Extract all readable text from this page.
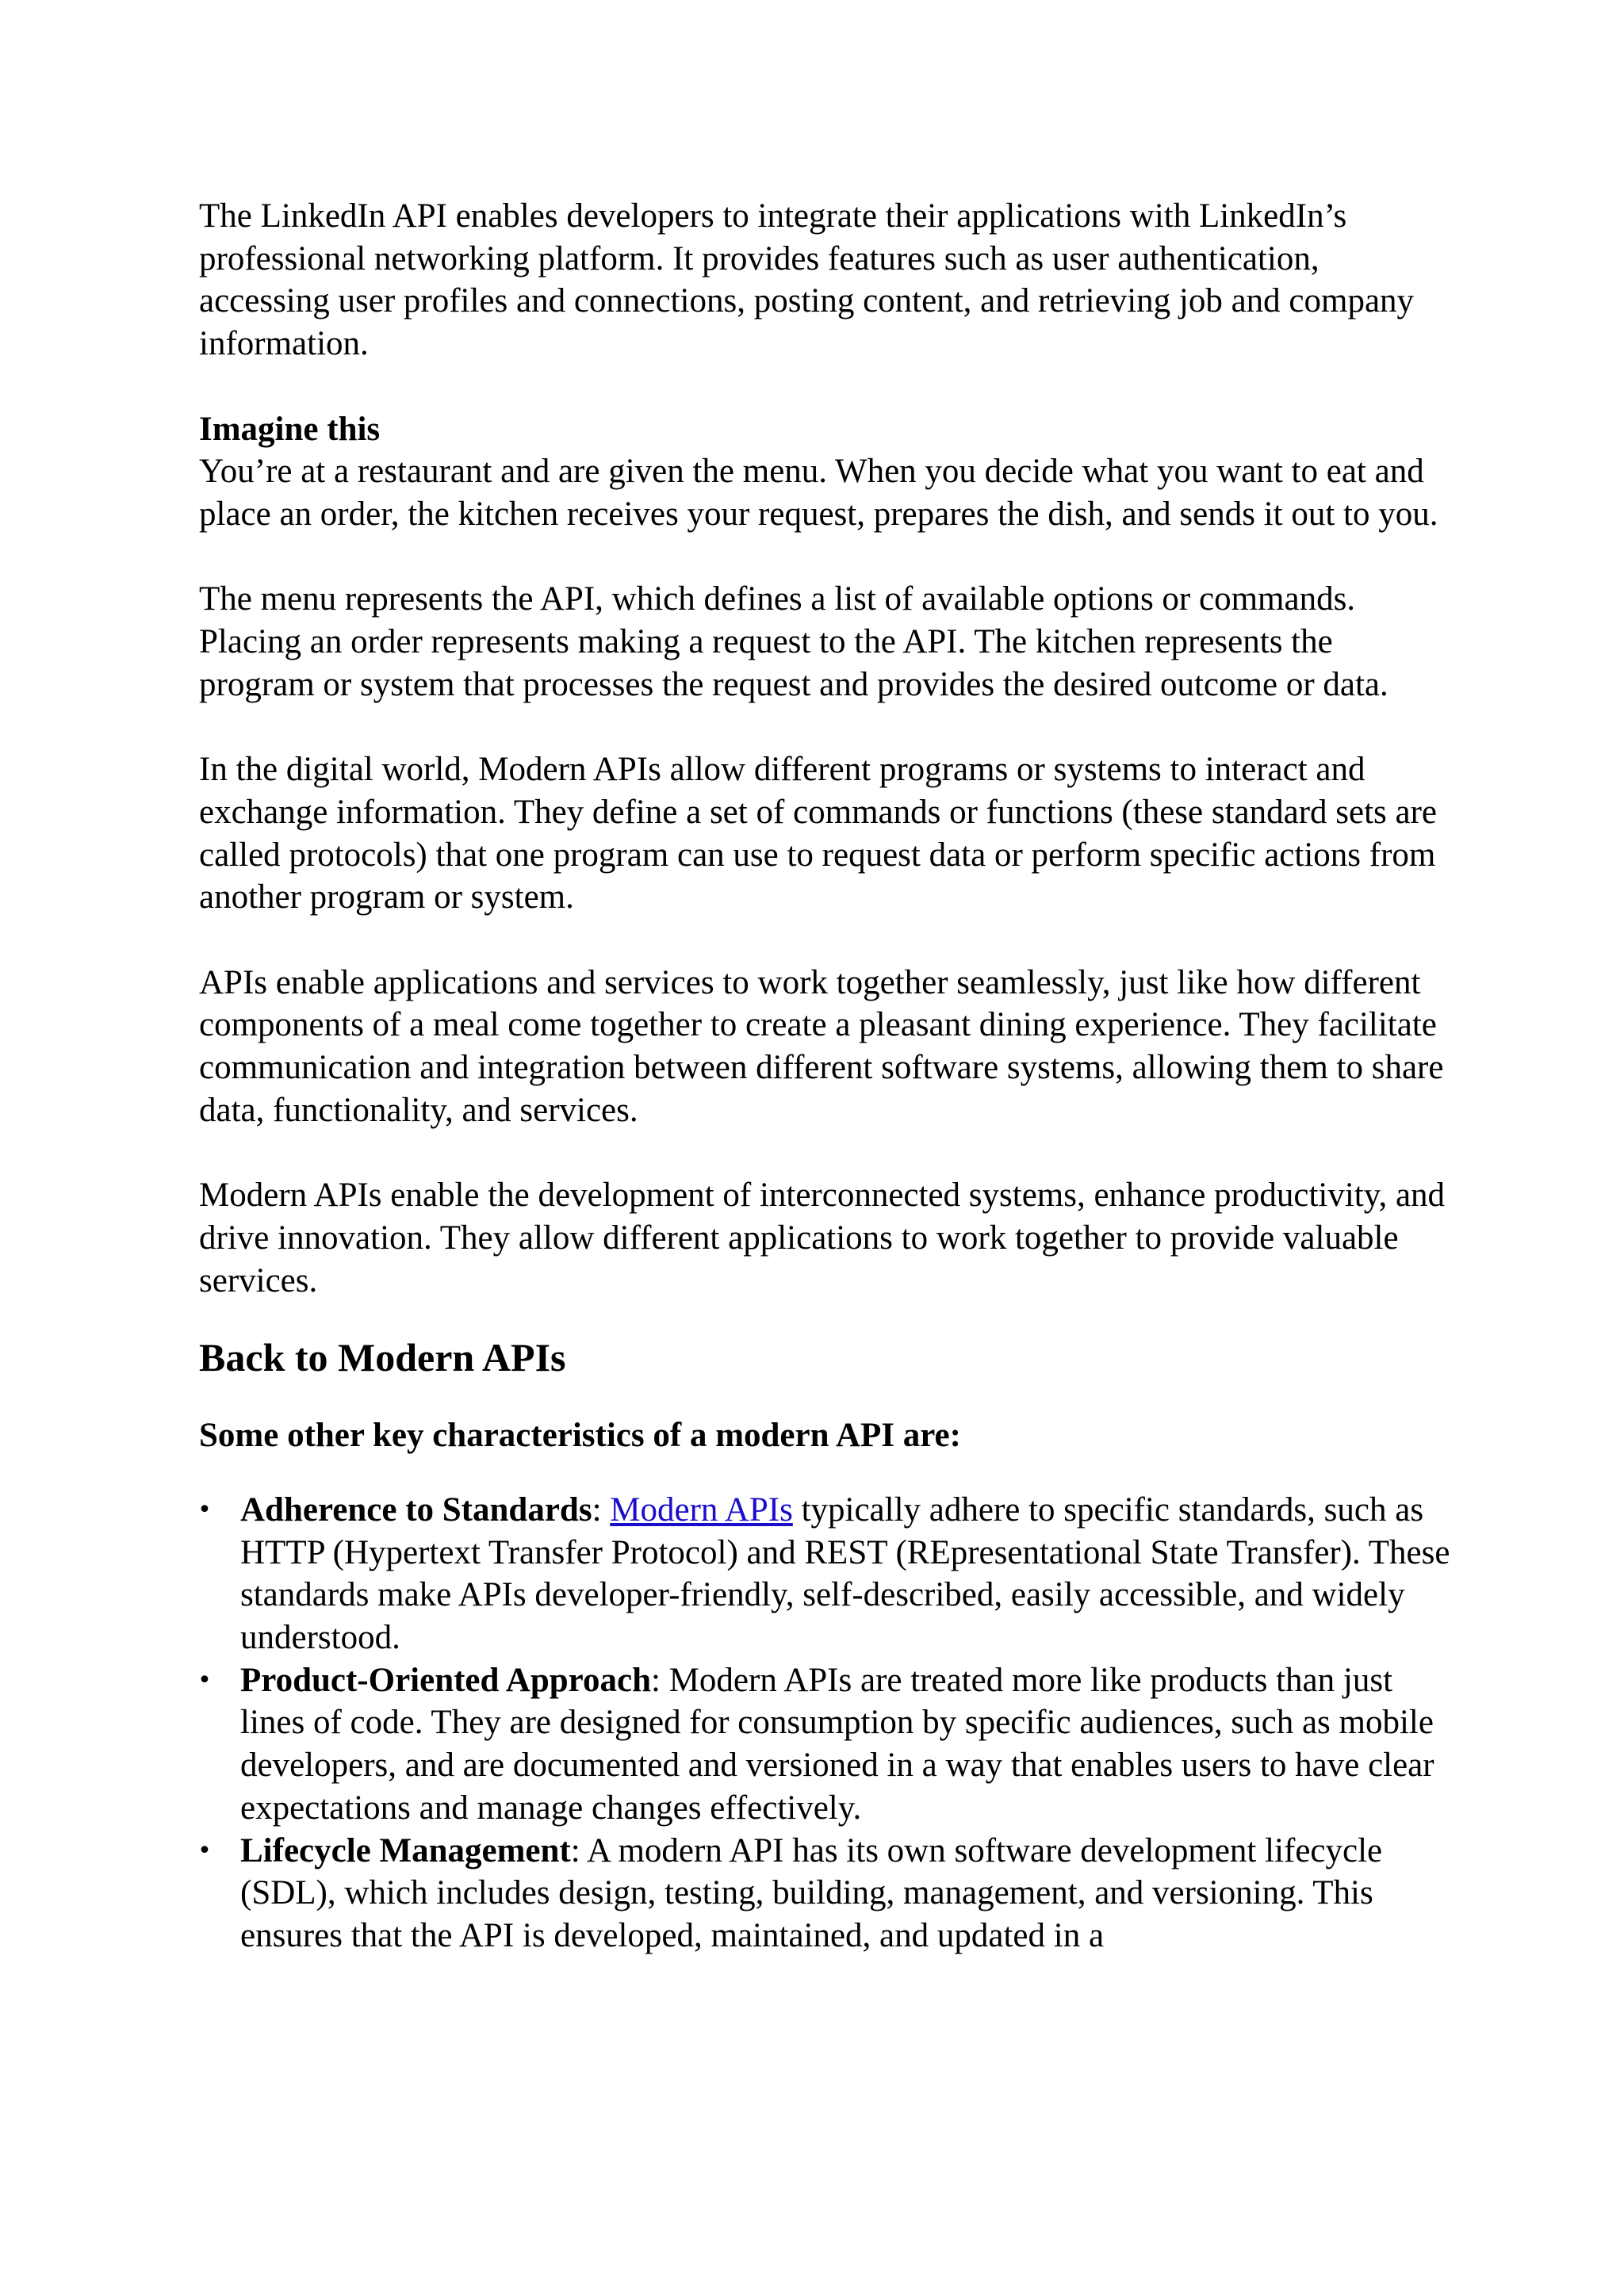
The LinkedIn API enables developers to integrate their applications with LinkedIn’s professional networking platform. It provides features such as user authentication, accessing user profiles and connections, posting content, and retrieving job and company information.

Imagine this
You’re at a restaurant and are given the menu. When you decide what you want to eat and place an order, the kitchen receives your request, prepares the dish, and sends it out to you.

The menu represents the API, which defines a list of available options or commands. Placing an order represents making a request to the API. The kitchen represents the program or system that processes the request and provides the desired outcome or data.

In the digital world, Modern APIs allow different programs or systems to interact and exchange information. They define a set of commands or functions (these standard sets are called protocols) that one program can use to request data or perform specific actions from another program or system.

APIs enable applications and services to work together seamlessly, just like how different components of a meal come together to create a pleasant dining experience. They facilitate communication and integration between different software systems, allowing them to share data, functionality, and services.

Modern APIs enable the development of interconnected systems, enhance productivity, and drive innovation. They allow different applications to work together to provide valuable services.

Back to Modern APIs
Some other key characteristics of a modern API are:
• Adherence to Standards: Modern APIs typically adhere to specific standards, such as HTTP (Hypertext Transfer Protocol) and REST (REpresentational State Transfer). These standards make APIs developer-friendly, self-described, easily accessible, and widely understood.
• Product-Oriented Approach: Modern APIs are treated more like products than just lines of code. They are designed for consumption by specific audiences, such as mobile developers, and are documented and versioned in a way that enables users to have clear expectations and manage changes effectively.
• Lifecycle Management: A modern API has its own software development lifecycle (SDL), which includes design, testing, building, management, and versioning. This ensures that the API is developed, maintained, and updated in a
